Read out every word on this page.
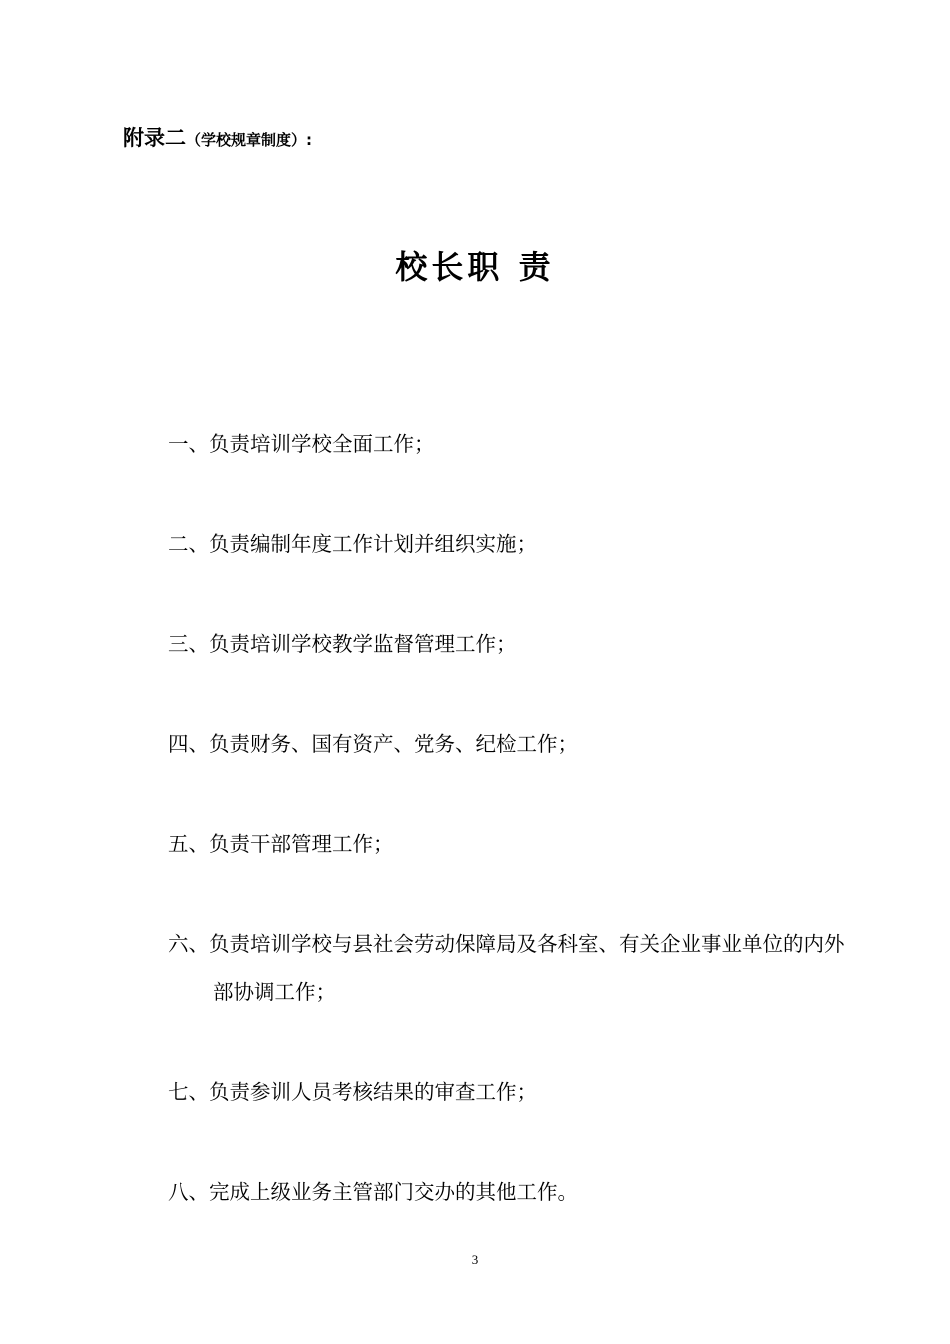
附录二（学校规章制度）:
校长职 责
一、负责培训学校全面工作；
二、负责编制年度工作计划并组织实施；
三、负责培训学校教学监督管理工作；
四、负责财务、国有资产、党务、纪检工作；
五、负责干部管理工作；
六、负责培训学校与县社会劳动保障局及各科室、有关企业事业单位的内外部协调工作；
七、负责参训人员考核结果的审查工作；
八、完成上级业务主管部门交办的其他工作。
3
